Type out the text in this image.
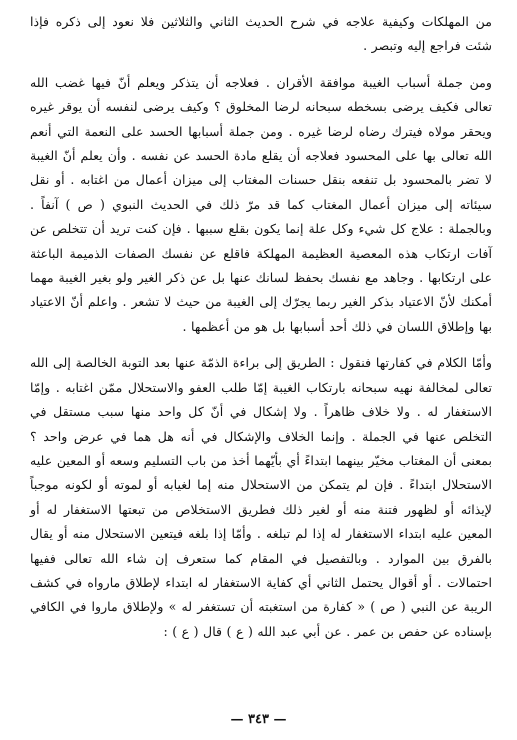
من المهلكات وكيفية علاجه في شرح الحديث الثاني والثلاثين فلا نعود إلى ذكره فإذا شئت فراجع إليه وتبصر .

ومن جملة أسباب الغيبة موافقة الأقران . فعلاجه أن يتذكر ويعلم أنّ فيها غضب الله تعالى فكيف يرضى بسخطه سبحانه لرضا المخلوق ؟ وكيف يرضى لنفسه أن يوقر غيره ويحقر مولاه فيترك رضاه لرضا غيره . ومن جملة أسبابها الحسد على النعمة التي أنعم الله تعالى بها على المحسود فعلاجه أن يقلع مادة الحسد عن نفسه . وأن يعلم أنّ الغيبة لا تضر بالمحسود بل تنفعه بنقل حسنات المغتاب إلى ميزان أعمال من اغتابه . أو نقل سيئاته إلى ميزان أعمال المغتاب كما قد مرّ ذلك في الحديث النبوي ( ص ) آنفاً . وبالجملة : علاج كل شيء وكل علة إنما يكون بقلع سببها . فإن كنت تريد أن تتخلص عن آفات ارتكاب هذه المعصية العظيمة المهلكة فاقلع عن نفسك الصفات الذميمة الباعثة على ارتكابها . وجاهد مع نفسك بحفظ لسانك عنها بل عن ذكر الغير ولو بغير الغيبة مهما أمكنك لأنّ الاعتياد بذكر الغير ربما يجرّك إلى الغيبة من حيث لا تشعر . واعلم أنّ الاعتياد بها وإطلاق اللسان في ذلك أحد أسبابها بل هو من أعظمها .

وأمّا الكلام في كفارتها فنقول : الطريق إلى براءة الذمّة عنها بعد التوبة الخالصة إلى الله تعالى لمخالفة نهيه سبحانه بارتكاب الغيبة إمّا طلب العفو والاستحلال ممّن اغتابه . وإمّا الاستغفار له . ولا خلاف ظاهراً . ولا إشكال في أنّ كل واحد منها سبب مستقل في التخلص عنها في الجملة . وإنما الخلاف والإشكال في أنه هل هما في عرض واحد ؟ بمعنى أن المغتاب مخيّر بينهما ابتداءً أي بأيّهما أخذ من باب التسليم وسعه أو المعين عليه الاستحلال ابتداءً . فإن لم يتمكن من الاستحلال منه إما لغيابه أو لموته أو لكونه موجباً لإيذائه أو لظهور فتنة منه أو لغير ذلك فطريق الاستخلاص من تبعتها الاستغفار له أو المعين عليه ابتداء الاستغفار له إذا لم تبلغه . وأمّا إذا بلغه فيتعين الاستحلال منه أو يقال بالفرق بين الموارد . وبالتفصيل في المقام كما ستعرف إن شاء الله تعالى ففيها احتمالات . أو أقوال يحتمل الثاني أي كفاية الاستغفار له ابتداء لإطلاق مارواه في كشف الريبة عن النبي ( ص ) « كفارة من استغبته أن تستغفر له » ولإطلاق ماروا في الكافي بإسناده عن حفص بن عمر . عن أبي عبد الله ( ع ) قال ( ع ) :

— ٣٤٣ —
